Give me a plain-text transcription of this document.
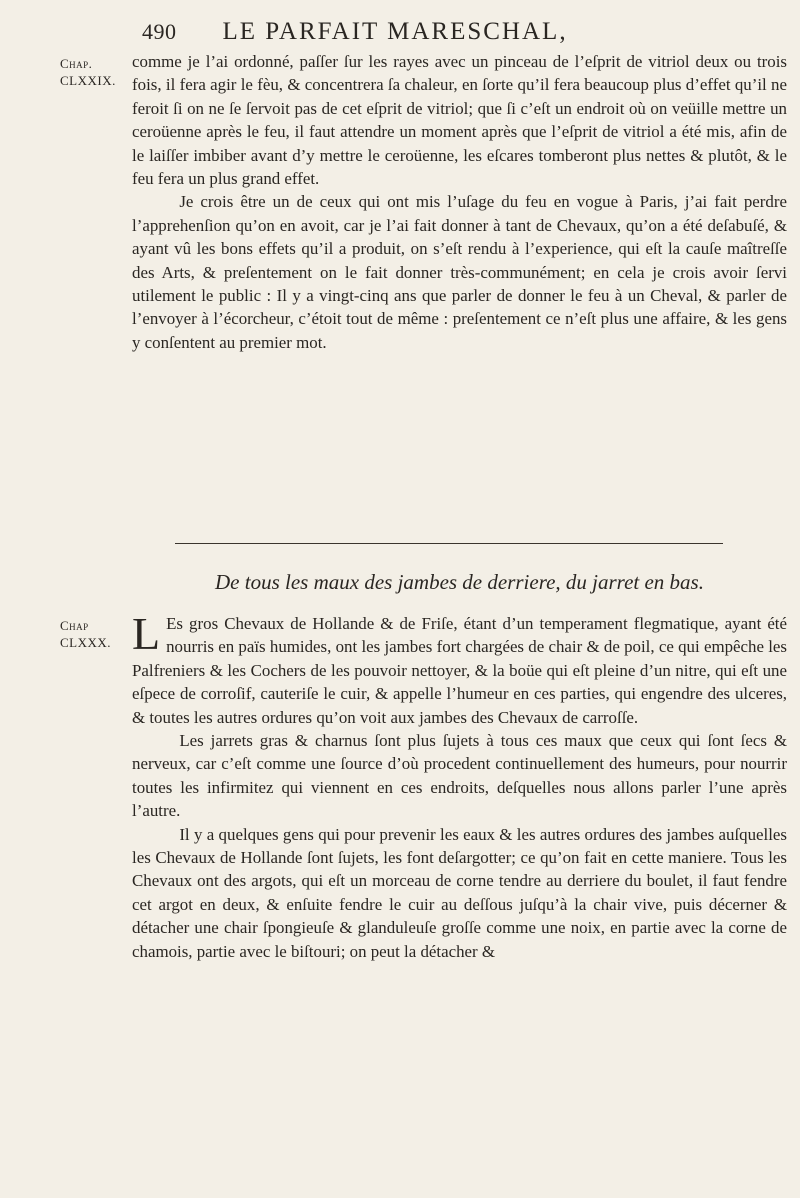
490 LE PARFAIT MARESCHAL,
Chap.
CLXXIX.

comme je l’ai ordonné, paſſer ſur les rayes avec un pinceau de l’eſprit de vitriol deux ou trois fois, il fera agir le fèu, & concentrera ſa chaleur, en ſorte qu’il fera beaucoup plus d’effet qu’il ne feroit ſi on ne ſe ſervoit pas de cet eſprit de vitriol; que ſi c’eſt un endroit où on veüille mettre un ceroüenne après le feu, il faut attendre un moment après que l’eſprit de vitriol a été mis, afin de le laiſſer imbiber avant d’y mettre le ceroüenne, les eſcares tomberont plus nettes & plutôt, & le feu fera un plus grand effet.

Je crois être un de ceux qui ont mis l’uſage du feu en vogue à Paris, j’ai fait perdre l’apprehenſion qu’on en avoit, car je l’ai fait donner à tant de Chevaux, qu’on a été deſabuſé, & ayant vû les bons effets qu’il a produit, on s’eſt rendu à l’experience, qui eſt la cauſe maîtreſſe des Arts, & preſentement on le fait donner très-communément; en cela je crois avoir ſervi utilement le public : Il y a vingt-cinq ans que parler de donner le feu à un Cheval, & parler de l’envoyer à l’écorcheur, c’étoit tout de même : preſentement ce n’eſt plus une affaire, & les gens y conſentent au premier mot.

De tous les maux des jambes de derriere, du jarret en bas.
Chap
CLXXX. L Es gros Chevaux de Hollande & de Friſe, étant d’un temperament flegmatique, ayant été nourris en païs humides, ont les jambes fort chargées de chair & de poil, ce qui empêche les Palfreniers & les Cochers de les pouvoir nettoyer, & la boüe qui eſt pleine d’un nitre, qui eſt une eſpece de corroſif, cauteriſe le cuir, & appelle l’humeur en ces parties, qui engendre des ulceres, & toutes les autres ordures qu’on voit aux jambes des Chevaux de carroſſe.

Les jarrets gras & charnus ſont plus ſujets à tous ces maux que ceux qui ſont ſecs & nerveux, car c’eſt comme une ſource d’où procedent continuellement des humeurs, pour nourrir toutes les infirmitez qui viennent en ces endroits, deſquelles nous allons parler l’une après l’autre.

Il y a quelques gens qui pour prevenir les eaux & les autres ordures des jambes auſquelles les Chevaux de Hollande ſont ſujets, les font deſargotter; ce qu’on fait en cette maniere. Tous les Chevaux ont des argots, qui eſt un morceau de corne tendre au derriere du boulet, il faut fendre cet argot en deux, & enſuite fendre le cuir au deſſous juſqu’à la chair vive, puis décerner & détacher une chair ſpongieuſe & glanduleuſe groſſe comme une noix, en partie avec la corne de chamois, partie avec le biſtouri; on peut la détacher &
